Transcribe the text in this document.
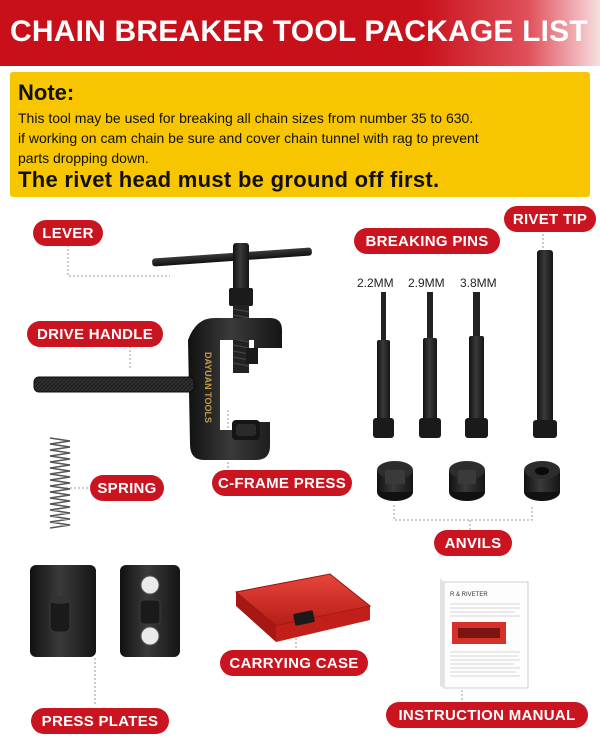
CHAIN BREAKER TOOL PACKAGE LIST
Note:
This tool may be used for breaking all chain sizes from number 35 to 630.
if working on cam chain be sure and cover chain tunnel with rag to prevent
parts dropping down.
The rivet head must be ground off first.
DAYUAN TOOLS
R & RIVETER
2.2MM 2.9MM 3.8MM
LEVER
DRIVE HANDLE
SPRING	C-FRAME PRESS
BREAKING PINS
RIVET TIP
ANVILS
PRESS PLATES
CARRYING CASE
INSTRUCTION MANUAL
